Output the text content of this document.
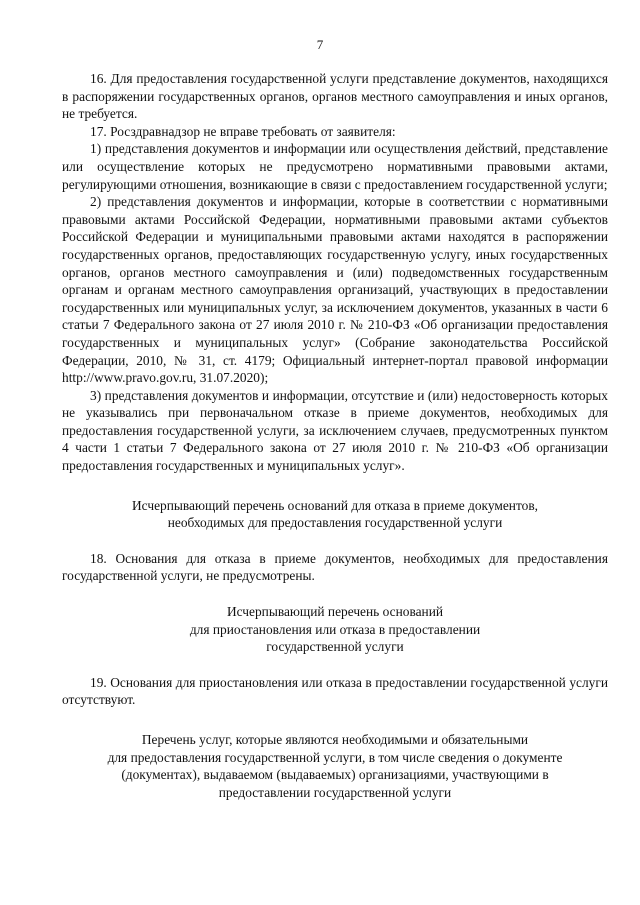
7

16. Для предоставления государственной услуги представление документов, находящихся в распоряжении государственных органов, органов местного самоуправления и иных органов, не требуется.

17. Росздравнадзор не вправе требовать от заявителя:

1) представления документов и информации или осуществления действий, представление или осуществление которых не предусмотрено нормативными правовыми актами, регулирующими отношения, возникающие в связи с предоставлением государственной услуги;

2) представления документов и информации, которые в соответствии с нормативными правовыми актами Российской Федерации, нормативными правовыми актами субъектов Российской Федерации и муниципальными правовыми актами находятся в распоряжении государственных органов, предоставляющих государственную услугу, иных государственных органов, органов местного самоуправления и (или) подведомственных государственным органам и органам местного самоуправления организаций, участвующих в предоставлении государственных или муниципальных услуг, за исключением документов, указанных в части 6 статьи 7 Федерального закона от 27 июля 2010 г. № 210-ФЗ «Об организации предоставления государственных и муниципальных услуг» (Собрание законодательства Российской Федерации, 2010, № 31, ст. 4179; Официальный интернет-портал правовой информации http://www.pravo.gov.ru, 31.07.2020);

3) представления документов и информации, отсутствие и (или) недостоверность которых не указывались при первоначальном отказе в приеме документов, необходимых для предоставления государственной услуги, за исключением случаев, предусмотренных пунктом 4 части 1 статьи 7 Федерального закона от 27 июля 2010 г. № 210-ФЗ «Об организации предоставления государственных и муниципальных услуг».

Исчерпывающий перечень оснований для отказа в приеме документов,
необходимых для предоставления государственной услуги

18. Основания для отказа в приеме документов, необходимых для предоставления государственной услуги, не предусмотрены.

Исчерпывающий перечень оснований
для приостановления или отказа в предоставлении
государственной услуги

19. Основания для приостановления или отказа в предоставлении государственной услуги отсутствуют.

Перечень услуг, которые являются необходимыми и обязательными
для предоставления государственной услуги, в том числе сведения о документе
(документах), выдаваемом (выдаваемых) организациями, участвующими в
предоставлении государственной услуги
